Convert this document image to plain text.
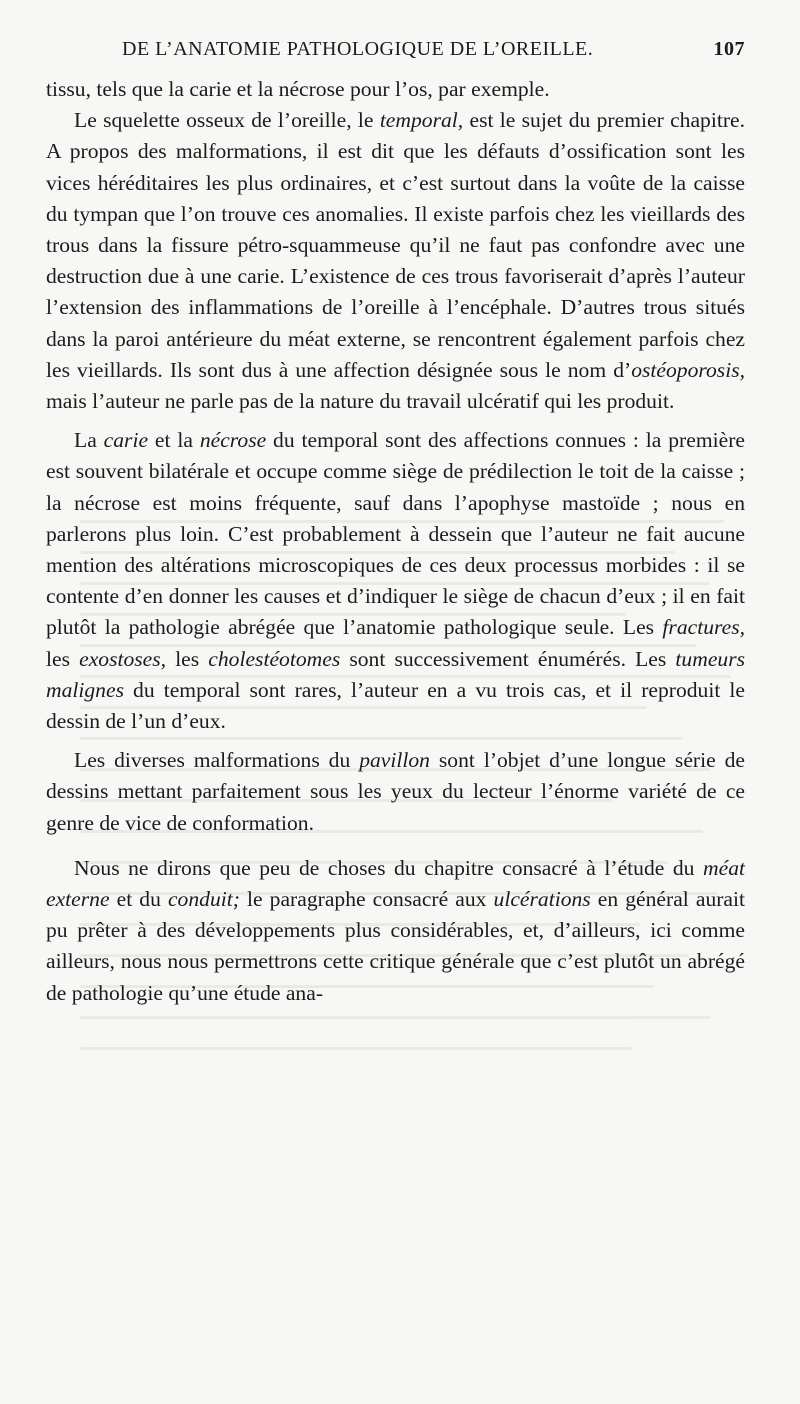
DE L’ANATOMIE PATHOLOGIQUE DE L’OREILLE.	107

tissu, tels que la carie et la nécrose pour l’os, par exemple.

Le squelette osseux de l’oreille, le temporal, est le sujet du premier chapitre. A propos des malformations, il est dit que les défauts d’ossification sont les vices héréditaires les plus ordinaires, et c’est surtout dans la voûte de la caisse du tympan que l’on trouve ces anomalies. Il existe parfois chez les vieillards des trous dans la fissure pétro-squammeuse qu’il ne faut pas confondre avec une destruction due à une carie. L’existence de ces trous favoriserait d’après l’auteur l’extension des inflammations de l’oreille à l’encéphale. D’autres trous situés dans la paroi antérieure du méat externe, se rencontrent également parfois chez les vieillards. Ils sont dus à une affection désignée sous le nom d’ostéoporosis, mais l’auteur ne parle pas de la nature du travail ulcératif qui les produit.

La carie et la nécrose du temporal sont des affections connues : la première est souvent bilatérale et occupe comme siège de prédilection le toit de la caisse ; la nécrose est moins fréquente, sauf dans l’apophyse mastoïde ; nous en parlerons plus loin. C’est probablement à dessein que l’auteur ne fait aucune mention des altérations microscopiques de ces deux processus morbides : il se contente d’en donner les causes et d’indiquer le siège de chacun d’eux ; il en fait plutôt la pathologie abrégée que l’anatomie pathologique seule. Les fractures, les exostoses, les cholestéotomes sont successivement énumérés. Les tumeurs malignes du temporal sont rares, l’auteur en a vu trois cas, et il reproduit le dessin de l’un d’eux.

Les diverses malformations du pavillon sont l’objet d’une longue série de dessins mettant parfaitement sous les yeux du lecteur l’énorme variété de ce genre de vice de conformation.

Nous ne dirons que peu de choses du chapitre consacré à l’étude du méat externe et du conduit; le paragraphe consacré aux ulcérations en général aurait pu prêter à des développements plus considérables, et, d’ailleurs, ici comme ailleurs, nous nous permettrons cette critique générale que c’est plutôt un abrégé de pathologie qu’une étude ana-
